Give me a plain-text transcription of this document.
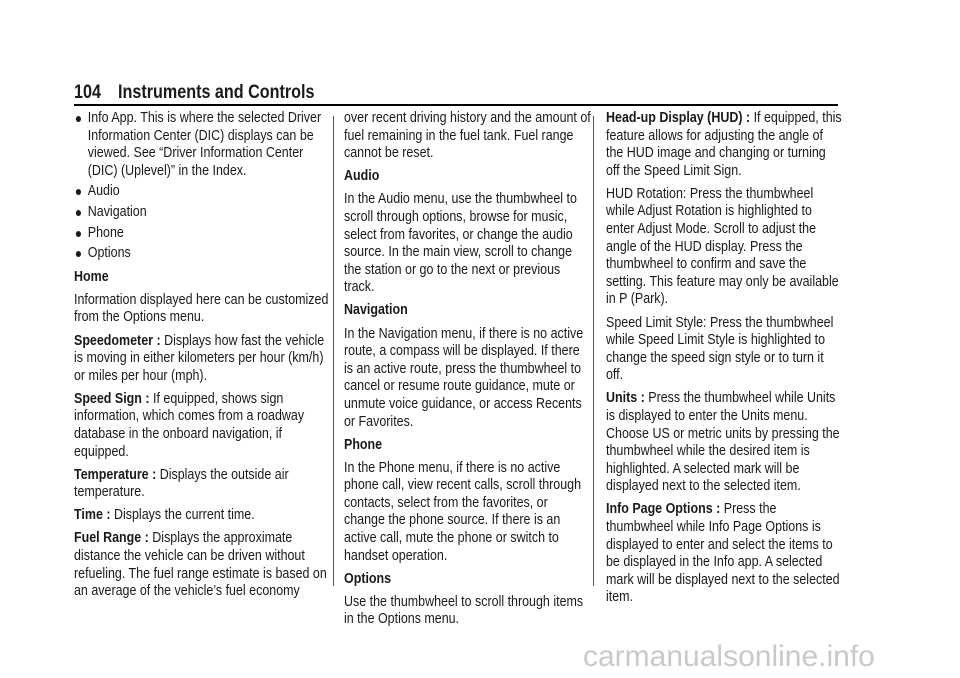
104 Instruments and Controls
● Info App. This is where the selected Driver Information Center (DIC) displays can be viewed. See “Driver Information Center (DIC) (Uplevel)” in the Index.
● Audio
● Navigation
● Phone
● Options

Home

Information displayed here can be customized from the Options menu.

Speedometer : Displays how fast the vehicle is moving in either kilometers per hour (km/h) or miles per hour (mph).

Speed Sign : If equipped, shows sign information, which comes from a roadway database in the onboard navigation, if equipped.

Temperature : Displays the outside air temperature.

Time : Displays the current time.

Fuel Range : Displays the approximate distance the vehicle can be driven without refueling. The fuel range estimate is based on an average of the vehicle’s fuel economy

over recent driving history and the amount of fuel remaining in the fuel tank. Fuel range cannot be reset.

Audio

In the Audio menu, use the thumbwheel to scroll through options, browse for music, select from favorites, or change the audio source. In the main view, scroll to change the station or go to the next or previous track.

Navigation

In the Navigation menu, if there is no active route, a compass will be displayed. If there is an active route, press the thumbwheel to cancel or resume route guidance, mute or unmute voice guidance, or access Recents or Favorites.

Phone

In the Phone menu, if there is no active phone call, view recent calls, scroll through contacts, select from the favorites, or change the phone source. If there is an active call, mute the phone or switch to handset operation.

Options

Use the thumbwheel to scroll through items in the Options menu.

Head-up Display (HUD) : If equipped, this feature allows for adjusting the angle of the HUD image and changing or turning off the Speed Limit Sign.

HUD Rotation: Press the thumbwheel while Adjust Rotation is highlighted to enter Adjust Mode. Scroll to adjust the angle of the HUD display. Press the thumbwheel to confirm and save the setting. This feature may only be available in P (Park).

Speed Limit Style: Press the thumbwheel while Speed Limit Style is highlighted to change the speed sign style or to turn it off.

Units : Press the thumbwheel while Units is displayed to enter the Units menu. Choose US or metric units by pressing the thumbwheel while the desired item is highlighted. A selected mark will be displayed next to the selected item.

Info Page Options : Press the thumbwheel while Info Page Options is displayed to enter and select the items to be displayed in the Info app. A selected mark will be displayed next to the selected item.

carmanualsonline.info
